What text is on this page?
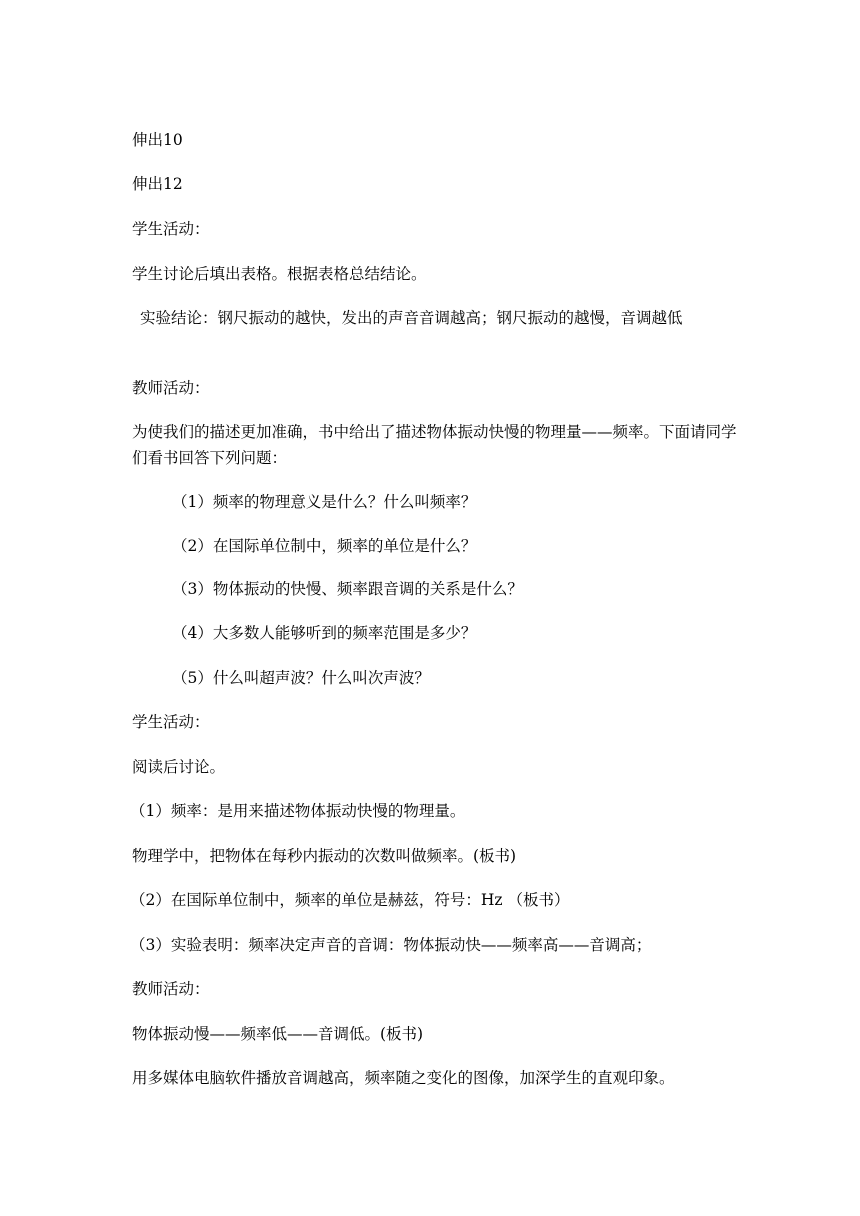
伸出10
伸出12
学生活动：
学生讨论后填出表格。根据表格总结结论。
实验结论：钢尺振动的越快，发出的声音音调越高；钢尺振动的越慢，音调越低
教师活动：
为使我们的描述更加准确，书中给出了描述物体振动快慢的物理量——频率。下面请同学们看书回答下列问题：
（1）频率的物理意义是什么？什么叫频率？
（2）在国际单位制中，频率的单位是什么？
（3）物体振动的快慢、频率跟音调的关系是什么？
（4）大多数人能够听到的频率范围是多少？
（5）什么叫超声波？什么叫次声波？
学生活动：
阅读后讨论。
（1）频率：是用来描述物体振动快慢的物理量。
物理学中，把物体在每秒内振动的次数叫做频率。(板书)
（2）在国际单位制中，频率的单位是赫兹，符号：Hz （板书）
（3）实验表明：频率决定声音的音调：物体振动快——频率高——音调高；
教师活动：
物体振动慢——频率低——音调低。(板书)
用多媒体电脑软件播放音调越高，频率随之变化的图像，加深学生的直观印象。
